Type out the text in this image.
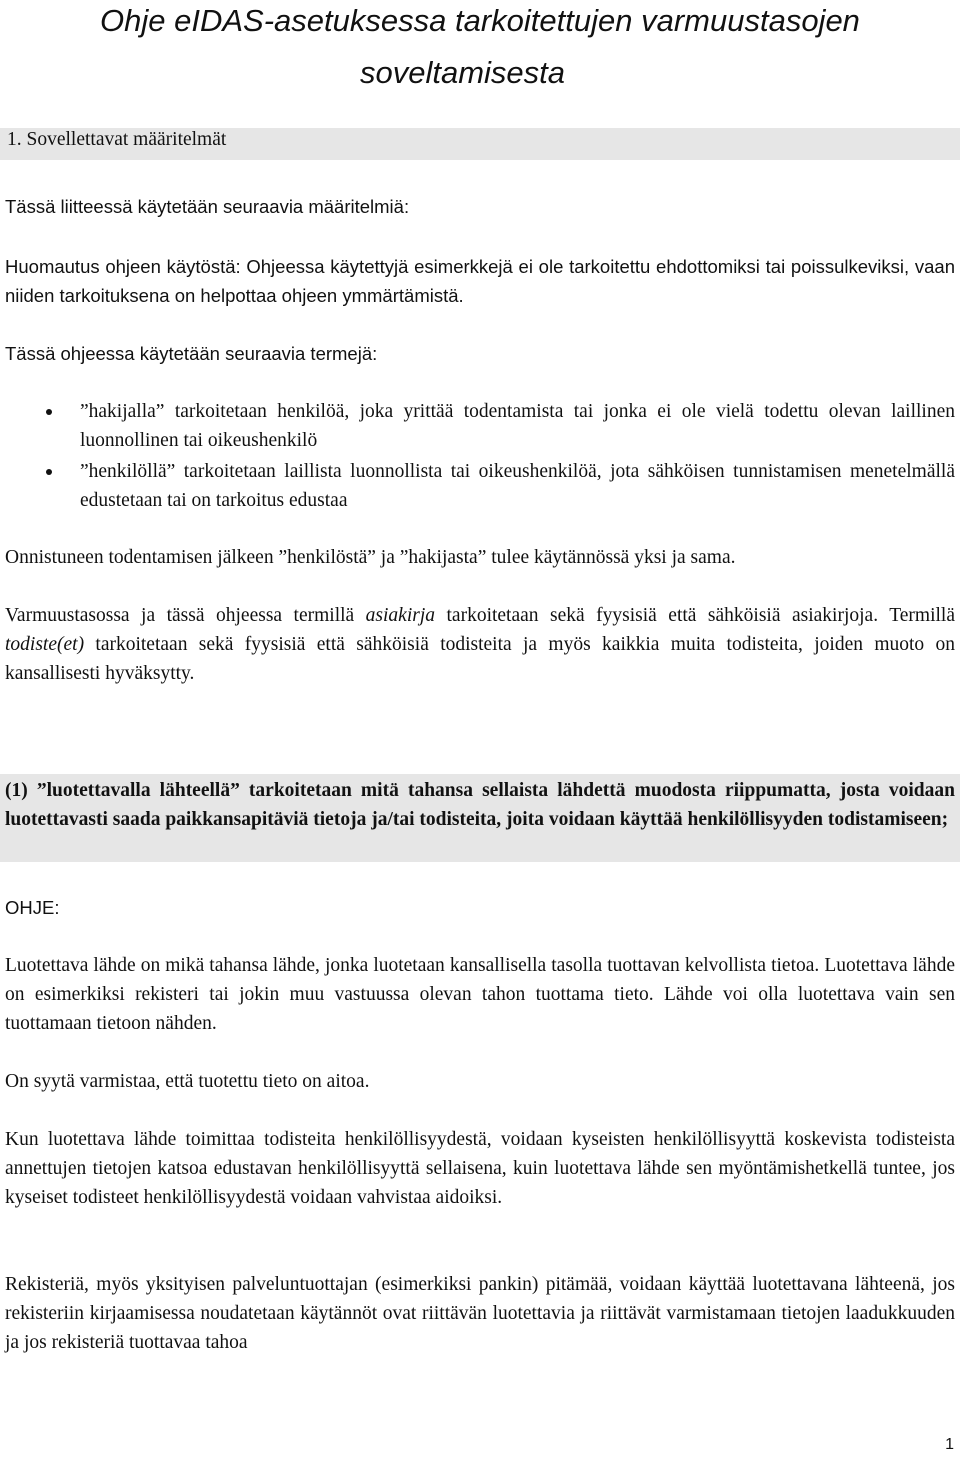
Ohje eIDAS-asetuksessa tarkoitettujen varmuustasojen
soveltamisesta
1. Sovellettavat määritelmät

Tässä liitteessä käytetään seuraavia määritelmiä:

Huomautus ohjeen käytöstä: Ohjeessa käytettyjä esimerkkejä ei ole tarkoitettu ehdottomiksi tai poissulkeviksi, vaan niiden tarkoituksena on helpottaa ohjeen ymmärtämistä.

Tässä ohjeessa käytetään seuraavia termejä:

”hakijalla” tarkoitetaan henkilöä, joka yrittää todentamista tai jonka ei ole vielä todettu olevan laillinen luonnollinen tai oikeushenkilö

”henkilöllä” tarkoitetaan laillista luonnollista tai oikeushenkilöä, jota sähköisen tunnistamisen menetelmällä edustetaan tai on tarkoitus edustaa

Onnistuneen todentamisen jälkeen ”henkilöstä” ja ”hakijasta” tulee käytännössä yksi ja sama.

Varmuustasossa ja tässä ohjeessa termillä asiakirja tarkoitetaan sekä fyysisiä että sähköisiä asiakirjoja. Termillä todiste(et) tarkoitetaan sekä fyysisiä että sähköisiä todisteita ja myös kaikkia muita todisteita, joiden muoto on kansallisesti hyväksytty.

(1) ”luotettavalla lähteellä” tarkoitetaan mitä tahansa sellaista lähdettä muodosta riippumatta, josta voidaan luotettavasti saada paikkansapitäviä tietoja ja/tai todisteita, joita voidaan käyttää henkilöllisyyden todistamiseen;

OHJE:

Luotettava lähde on mikä tahansa lähde, jonka luotetaan kansallisella tasolla tuottavan kelvollista tietoa. Luotettava lähde on esimerkiksi rekisteri tai jokin muu vastuussa olevan tahon tuottama tieto. Lähde voi olla luotettava vain sen tuottamaan tietoon nähden.

On syytä varmistaa, että tuotettu tieto on aitoa.

Kun luotettava lähde toimittaa todisteita henkilöllisyydestä, voidaan kyseisten henkilöllisyyttä koskevista todisteista annettujen tietojen katsoa edustavan henkilöllisyyttä sellaisena, kuin luotettava lähde sen myöntämishetkellä tuntee, jos kyseiset todisteet henkilöllisyydestä voidaan vahvistaa aidoiksi.

Rekisteriä, myös yksityisen palveluntuottajan (esimerkiksi pankin) pitämää, voidaan käyttää luotettavana lähteenä, jos rekisteriin kirjaamisessa noudatetaan käytännöt ovat riittävän luotettavia ja riittävät varmistamaan tietojen laadukkuuden ja jos rekisteriä tuottavaa tahoa

1
